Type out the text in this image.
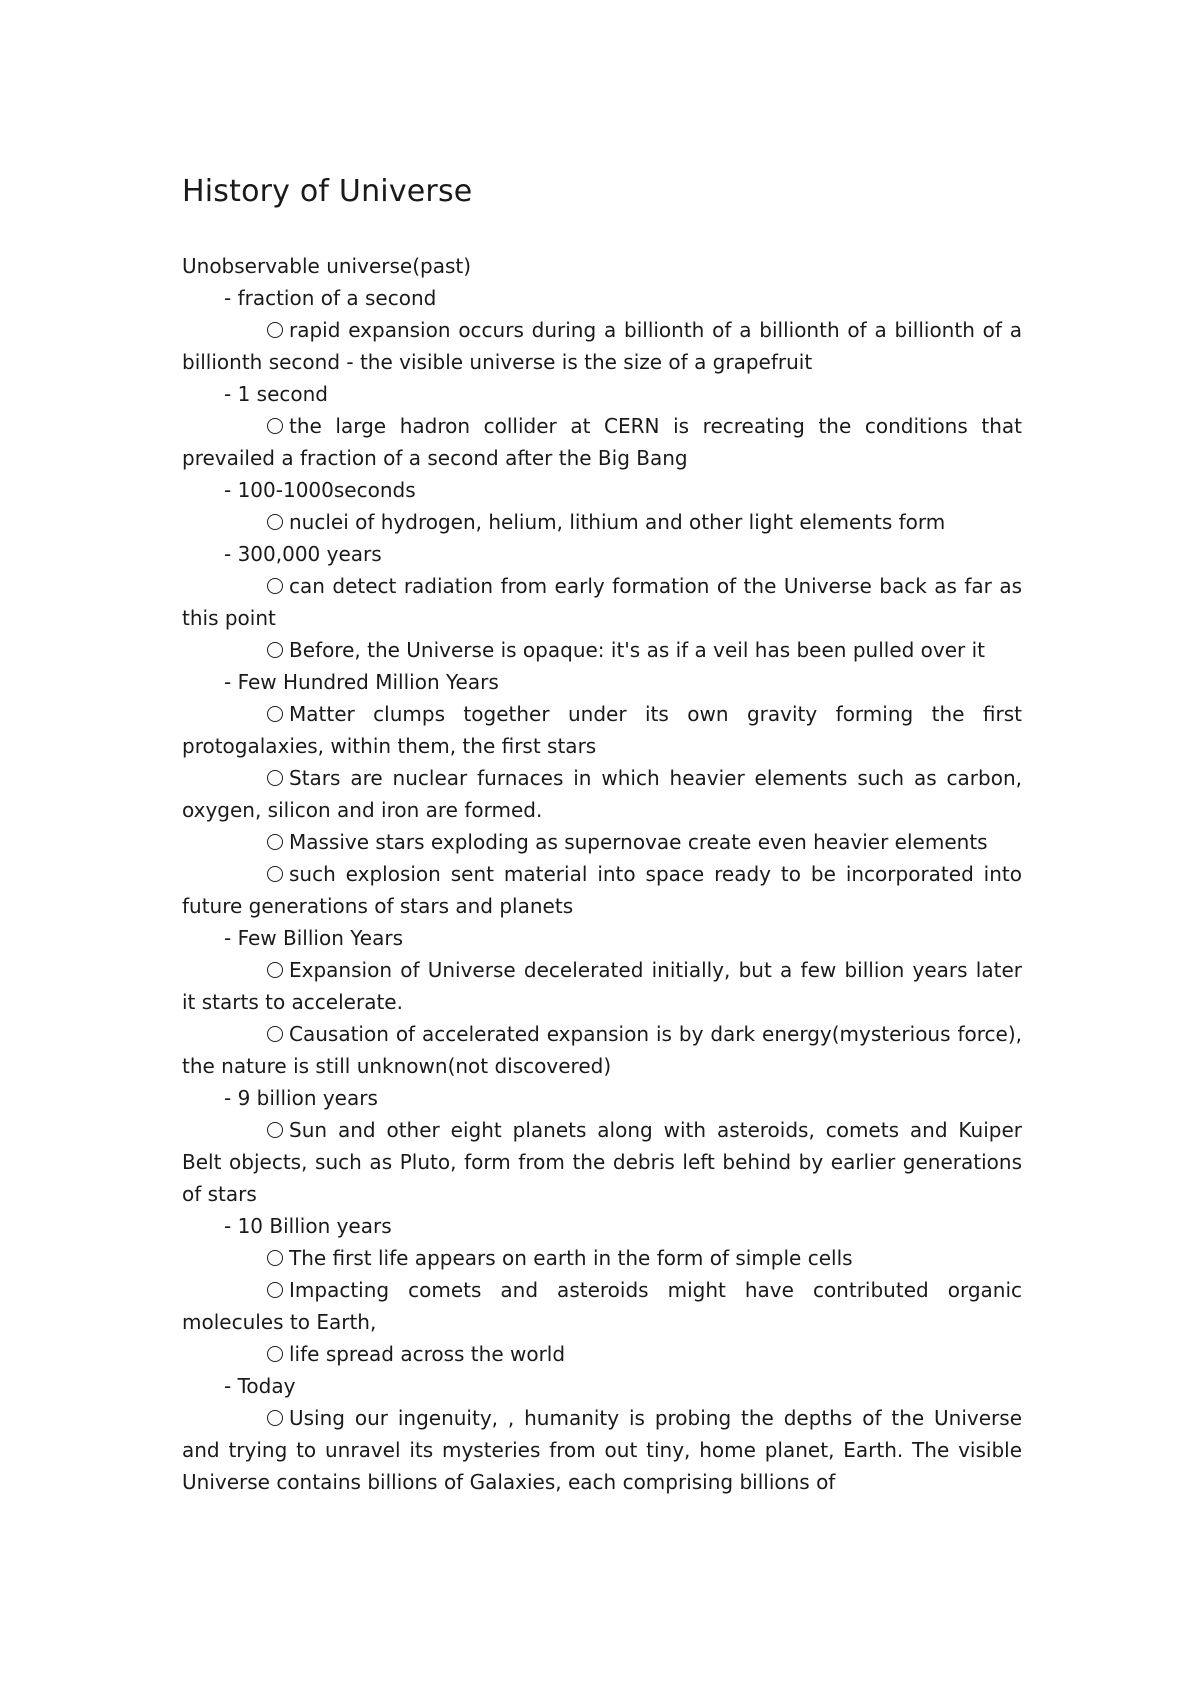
History of Universe

Unobservable universe(past)

- fraction of a second

rapid expansion occurs during a billionth of a billionth of a billionth of a billionth second - the visible universe is the size of a grapefruit

- 1 second

the large hadron collider at CERN is recreating the conditions that prevailed a fraction of a second after the Big Bang

- 100-1000seconds

nuclei of hydrogen, helium, lithium and other light elements form

- 300,000 years

can detect radiation from early formation of the Universe back as far as this point

Before, the Universe is opaque: it's as if a veil has been pulled over it

- Few Hundred Million Years

Matter clumps together under its own gravity forming the first protogalaxies, within them, the first stars

Stars are nuclear furnaces in which heavier elements such as carbon, oxygen, silicon and iron are formed.

Massive stars exploding as supernovae create even heavier elements

such explosion sent material into space ready to be incorporated into future generations of stars and planets

- Few Billion Years

Expansion of Universe decelerated initially, but a few billion years later it starts to accelerate.

Causation of accelerated expansion is by dark energy(mysterious force), the nature is still unknown(not discovered)

- 9 billion years

Sun and other eight planets along with asteroids, comets and Kuiper Belt objects, such as Pluto, form from the debris left behind by earlier generations of stars

- 10 Billion years

The first life appears on earth in the form of simple cells

Impacting comets and asteroids might have contributed organic molecules to Earth,

life spread across the world

- Today

Using our ingenuity, , humanity is probing the depths of the Universe and trying to unravel its mysteries from out tiny, home planet, Earth. The visible Universe contains billions of Galaxies, each comprising billions of
